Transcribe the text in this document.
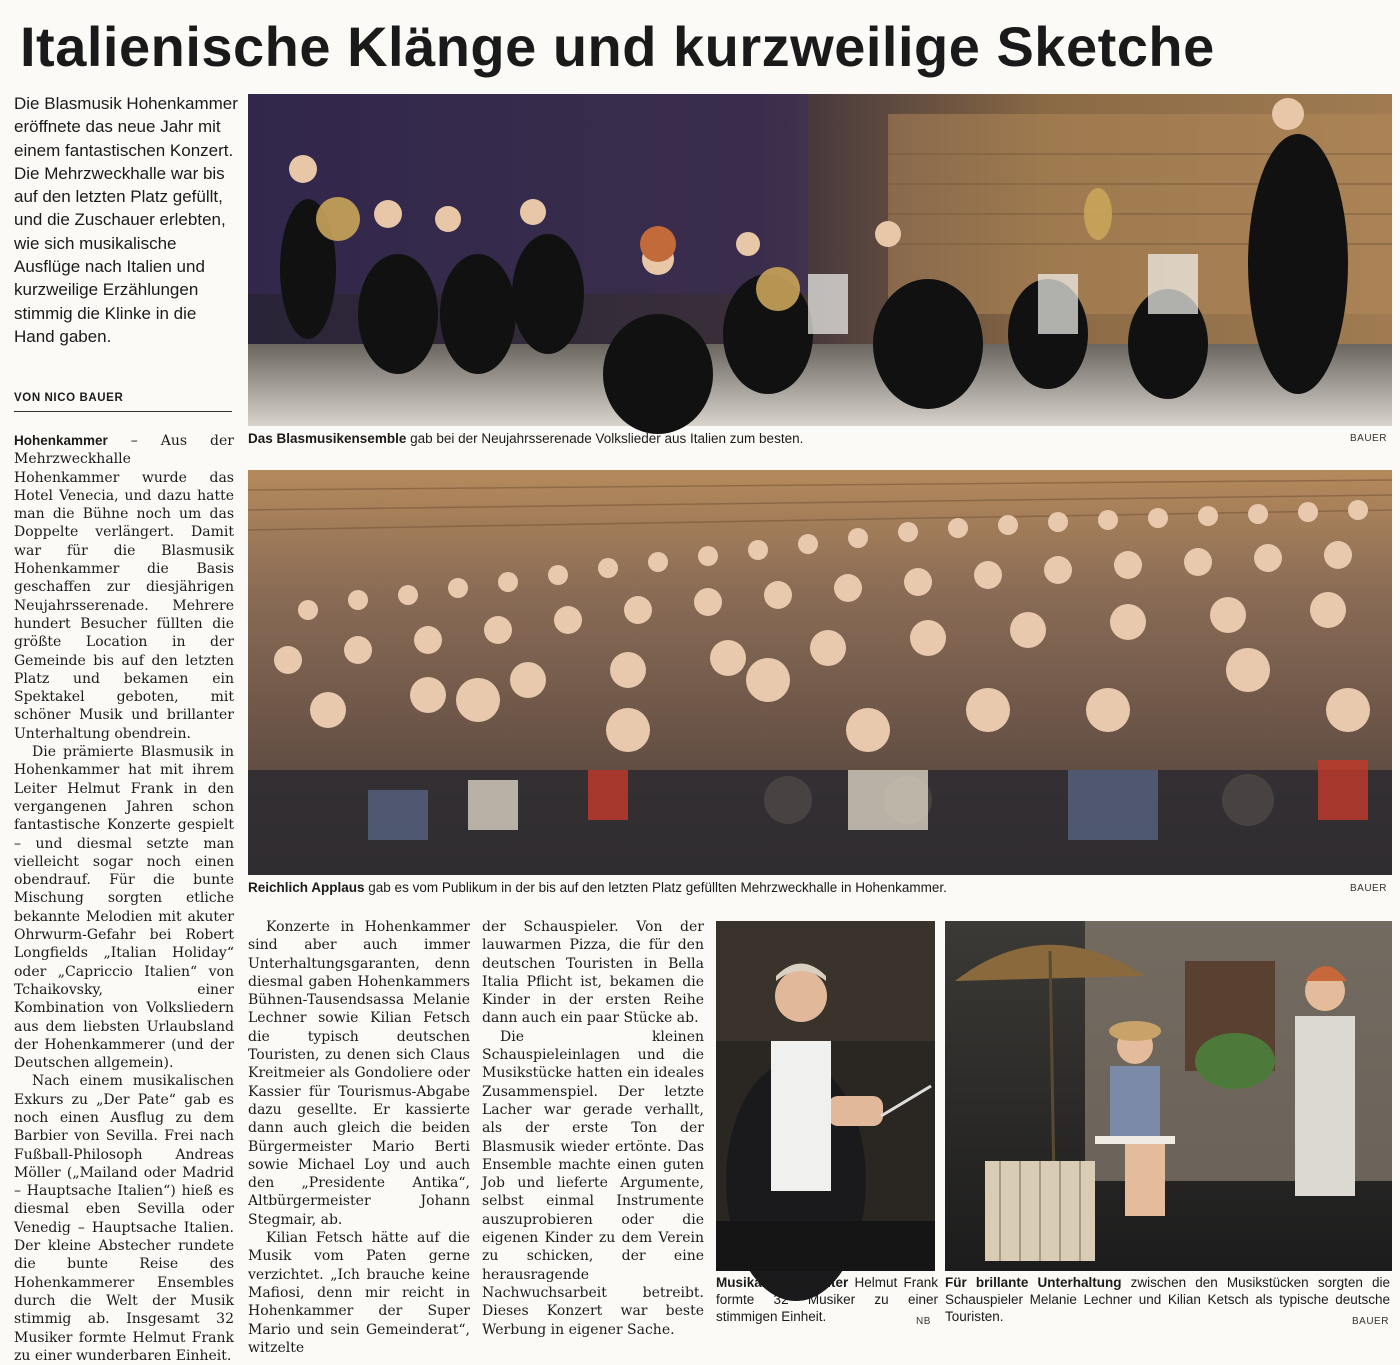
Italienische Klänge und kurzweilige Sketche
Die Blasmusik Hohenkammer eröffnete das neue Jahr mit einem fantastischen Konzert. Die Mehrzweckhalle war bis auf den letzten Platz gefüllt, und die Zuschauer erlebten, wie sich musikalische Ausflüge nach Italien und kurzweilige Erzählungen stimmig die Klinke in die Hand gaben.
VON NICO BAUER

Hohenkammer – Aus der Mehrzweckhalle Hohenkammer wurde das Hotel Venecia, und dazu hatte man die Bühne noch um das Doppelte verlängert. Damit war für die Blasmusik Hohenkammer die Basis geschaffen zur diesjährigen Neujahrsserenade. Mehrere hundert Besucher füllten die größte Location in der Gemeinde bis auf den letzten Platz und bekamen ein Spektakel geboten, mit schöner Musik und brillanter Unterhaltung obendrein.

Die prämierte Blasmusik in Hohenkammer hat mit ihrem Leiter Helmut Frank in den vergangenen Jahren schon fantastische Konzerte gespielt – und diesmal setzte man vielleicht sogar noch einen obendrauf. Für die bunte Mischung sorgten etliche bekannte Melodien mit akuter Ohrwurm-Gefahr bei Robert Longfields „Italian Holiday“ oder „Capriccio Italien“ von Tchaikovsky, einer Kombination von Volksliedern aus dem liebsten Urlaubsland der Hohenkammerer (und der Deutschen allgemein).

Nach einem musikalischen Exkurs zu „Der Pate“ gab es noch einen Ausflug zu dem Barbier von Sevilla. Frei nach Fußball-Philosoph Andreas Möller („Mailand oder Madrid – Hauptsache Italien“) hieß es diesmal eben Sevilla oder Venedig – Hauptsache Italien. Der kleine Abstecher rundete die bunte Reise des Hohenkammerer Ensembles durch die Welt der Musik stimmig ab. Insgesamt 32 Musiker formte Helmut Frank zu einer wunderbaren Einheit.

Konzerte in Hohenkammer sind aber auch immer Unterhaltungsgaranten, denn diesmal gaben Hohenkammers Bühnen-Tausendsassa Melanie Lechner sowie Kilian Fetsch die typisch deutschen Touristen, zu denen sich Claus Kreitmeier als Gondoliere oder Kassier für Tourismus-Abgabe dazu gesellte. Er kassierte dann auch gleich die beiden Bürgermeister Mario Berti sowie Michael Loy und auch den „Presidente Antika“, Altbürgermeister Johann Stegmair, ab.

Kilian Fetsch hätte auf die Musik vom Paten gerne verzichtet. „Ich brauche keine Mafiosi, denn mir reicht in Hohenkammer der Super Mario und sein Gemeinderat“, witzelte

der Schauspieler. Von der lauwarmen Pizza, die für den deutschen Touristen in Bella Italia Pflicht ist, bekamen die Kinder in der ersten Reihe dann auch ein paar Stücke ab.

Die kleinen Schauspieleinlagen und die Musikstücke hatten ein ideales Zusammenspiel. Der letzte Lacher war gerade verhallt, als der erste Ton der Blasmusik wieder ertönte. Das Ensemble machte einen guten Job und lieferte Argumente, selbst einmal Instrumente auszuprobieren oder die eigenen Kinder zu dem Verein zu schicken, der eine herausragende Nachwuchsarbeit betreibt. Dieses Konzert war beste Werbung in eigener Sache.

Das Blasmusikensemble gab bei der Neujahrsserenade Volkslieder aus Italien zum besten.	BAUER
Reichlich Applaus gab es vom Publikum in der bis auf den letzten Platz gefüllten Mehrzweckhalle in Hohenkammer.	BAUER
Musikalischer Leiter Helmut Frank formte 32 Musiker zu einer stimmigen Einheit.	NB
Für brillante Unterhaltung zwischen den Musikstücken sorgten die Schauspieler Melanie Lechner und Kilian Ketsch als typische deutsche Touristen.	BAUER
